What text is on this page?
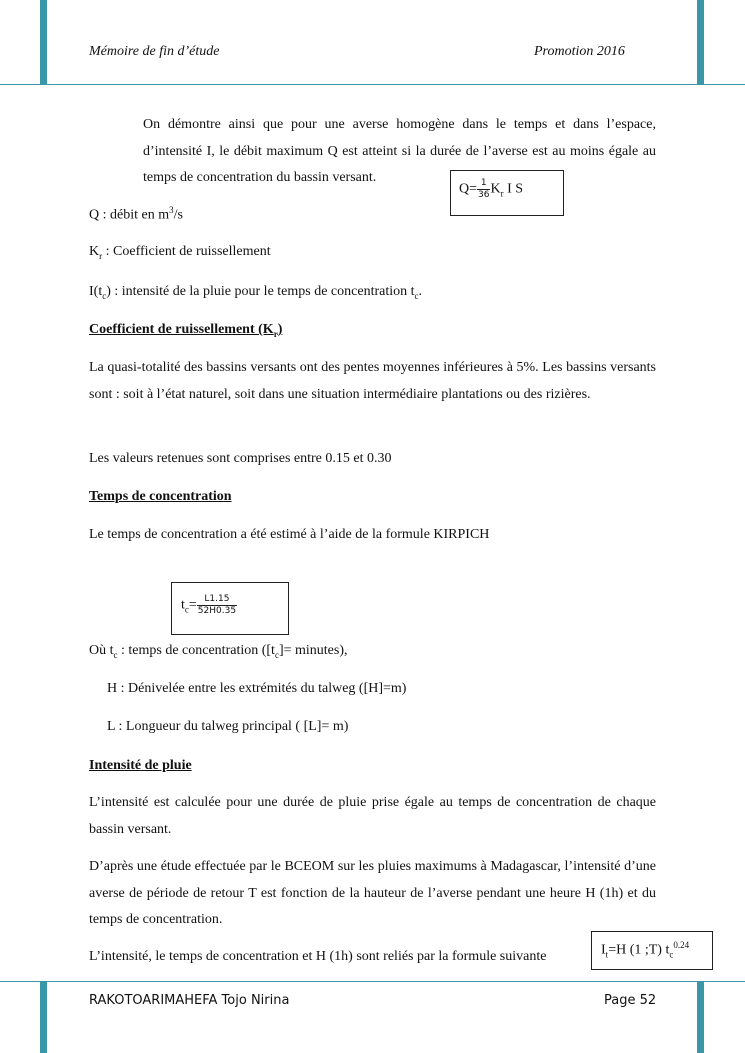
Mémoire de fin d’étude	Promotion 2016
On démontre ainsi que pour une averse homogène dans le temps et dans l’espace, d’intensité I, le débit maximum Q est atteint si la durée de l’averse est au moins égale au temps de concentration du bassin versant.
$Q= \frac{1}{36} K_r$ I S
Q : débit en $m^3/s$
$K_r$ : Coefficient de ruissellement
$I(t_c)$ : intensité de la pluie pour le temps de concentration $t_c$.
Coefficient de ruissellement $(K_r)$
La quasi-totalité des bassins versants ont des pentes moyennes inférieures à 5%. Les bassins versants sont : soit à l’état naturel, soit dans une situation intermédiaire plantations ou des rizières.
Les valeurs retenues sont comprises entre 0.15 et 0.30
Temps de concentration
Le temps de concentration a été estimé à l’aide de la formule KIRPICH
$t_c= \frac{L1.15}{52H0.35}$
Où $t_c$ : temps de concentration ($[t_c]=$ minutes),
H : Dénivelée entre les extrémités du talweg ([H]=m)
L : Longueur du talweg principal ( [L]= m)
Intensité de pluie
L’intensité est calculée pour une durée de pluie prise égale au temps de concentration de chaque bassin versant.
D’après une étude effectuée par le BCEOM sur les pluies maximums à Madagascar, l’intensité d’une averse de période de retour T est fonction de la hauteur de l’averse pendant une heure H (1h) et du temps de concentration.
L’intensité, le temps de concentration et H (1h) sont reliés par la formule suivante	$I_t=H$ (1 ;T) $t_c^{0.24}$
RAKOTOARIMAHEFA Tojo Nirina	Page 52
